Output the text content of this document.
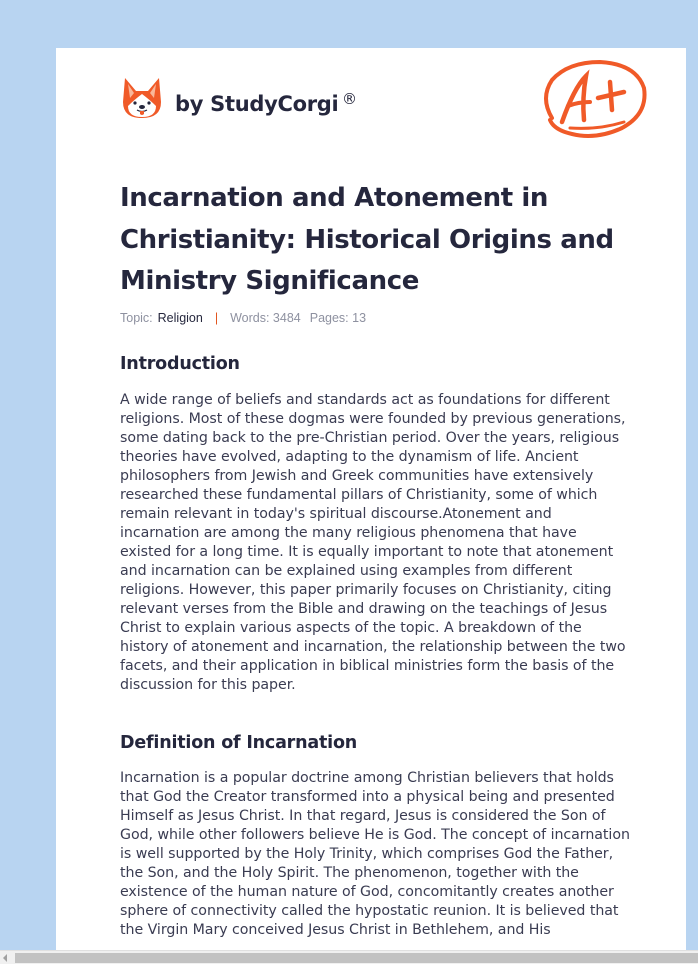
by StudyCorgi ®
Incarnation and Atonement in Christianity: Historical Origins and Ministry Significance
Topic: Religion | Words: 3484 Pages: 13
Introduction

A wide range of beliefs and standards act as foundations for different religions. Most of these dogmas were founded by previous generations, some dating back to the pre-Christian period. Over the years, religious theories have evolved, adapting to the dynamism of life. Ancient philosophers from Jewish and Greek communities have extensively researched these fundamental pillars of Christianity, some of which remain relevant in today's spiritual discourse.Atonement and incarnation are among the many religious phenomena that have existed for a long time. It is equally important to note that atonement and incarnation can be explained using examples from different religions. However, this paper primarily focuses on Christianity, citing relevant verses from the Bible and drawing on the teachings of Jesus Christ to explain various aspects of the topic. A breakdown of the history of atonement and incarnation, the relationship between the two facets, and their application in biblical ministries form the basis of the discussion for this paper.

Definition of Incarnation

Incarnation is a popular doctrine among Christian believers that holds that God the Creator transformed into a physical being and presented Himself as Jesus Christ. In that regard, Jesus is considered the Son of God, while other followers believe He is God. The concept of incarnation is well supported by the Holy Trinity, which comprises God the Father, the Son, and the Holy Spirit. The phenomenon, together with the existence of the human nature of God, concomitantly creates another sphere of connectivity called the hypostatic reunion. It is believed that the Virgin Mary conceived Jesus Christ in Bethlehem, and His
